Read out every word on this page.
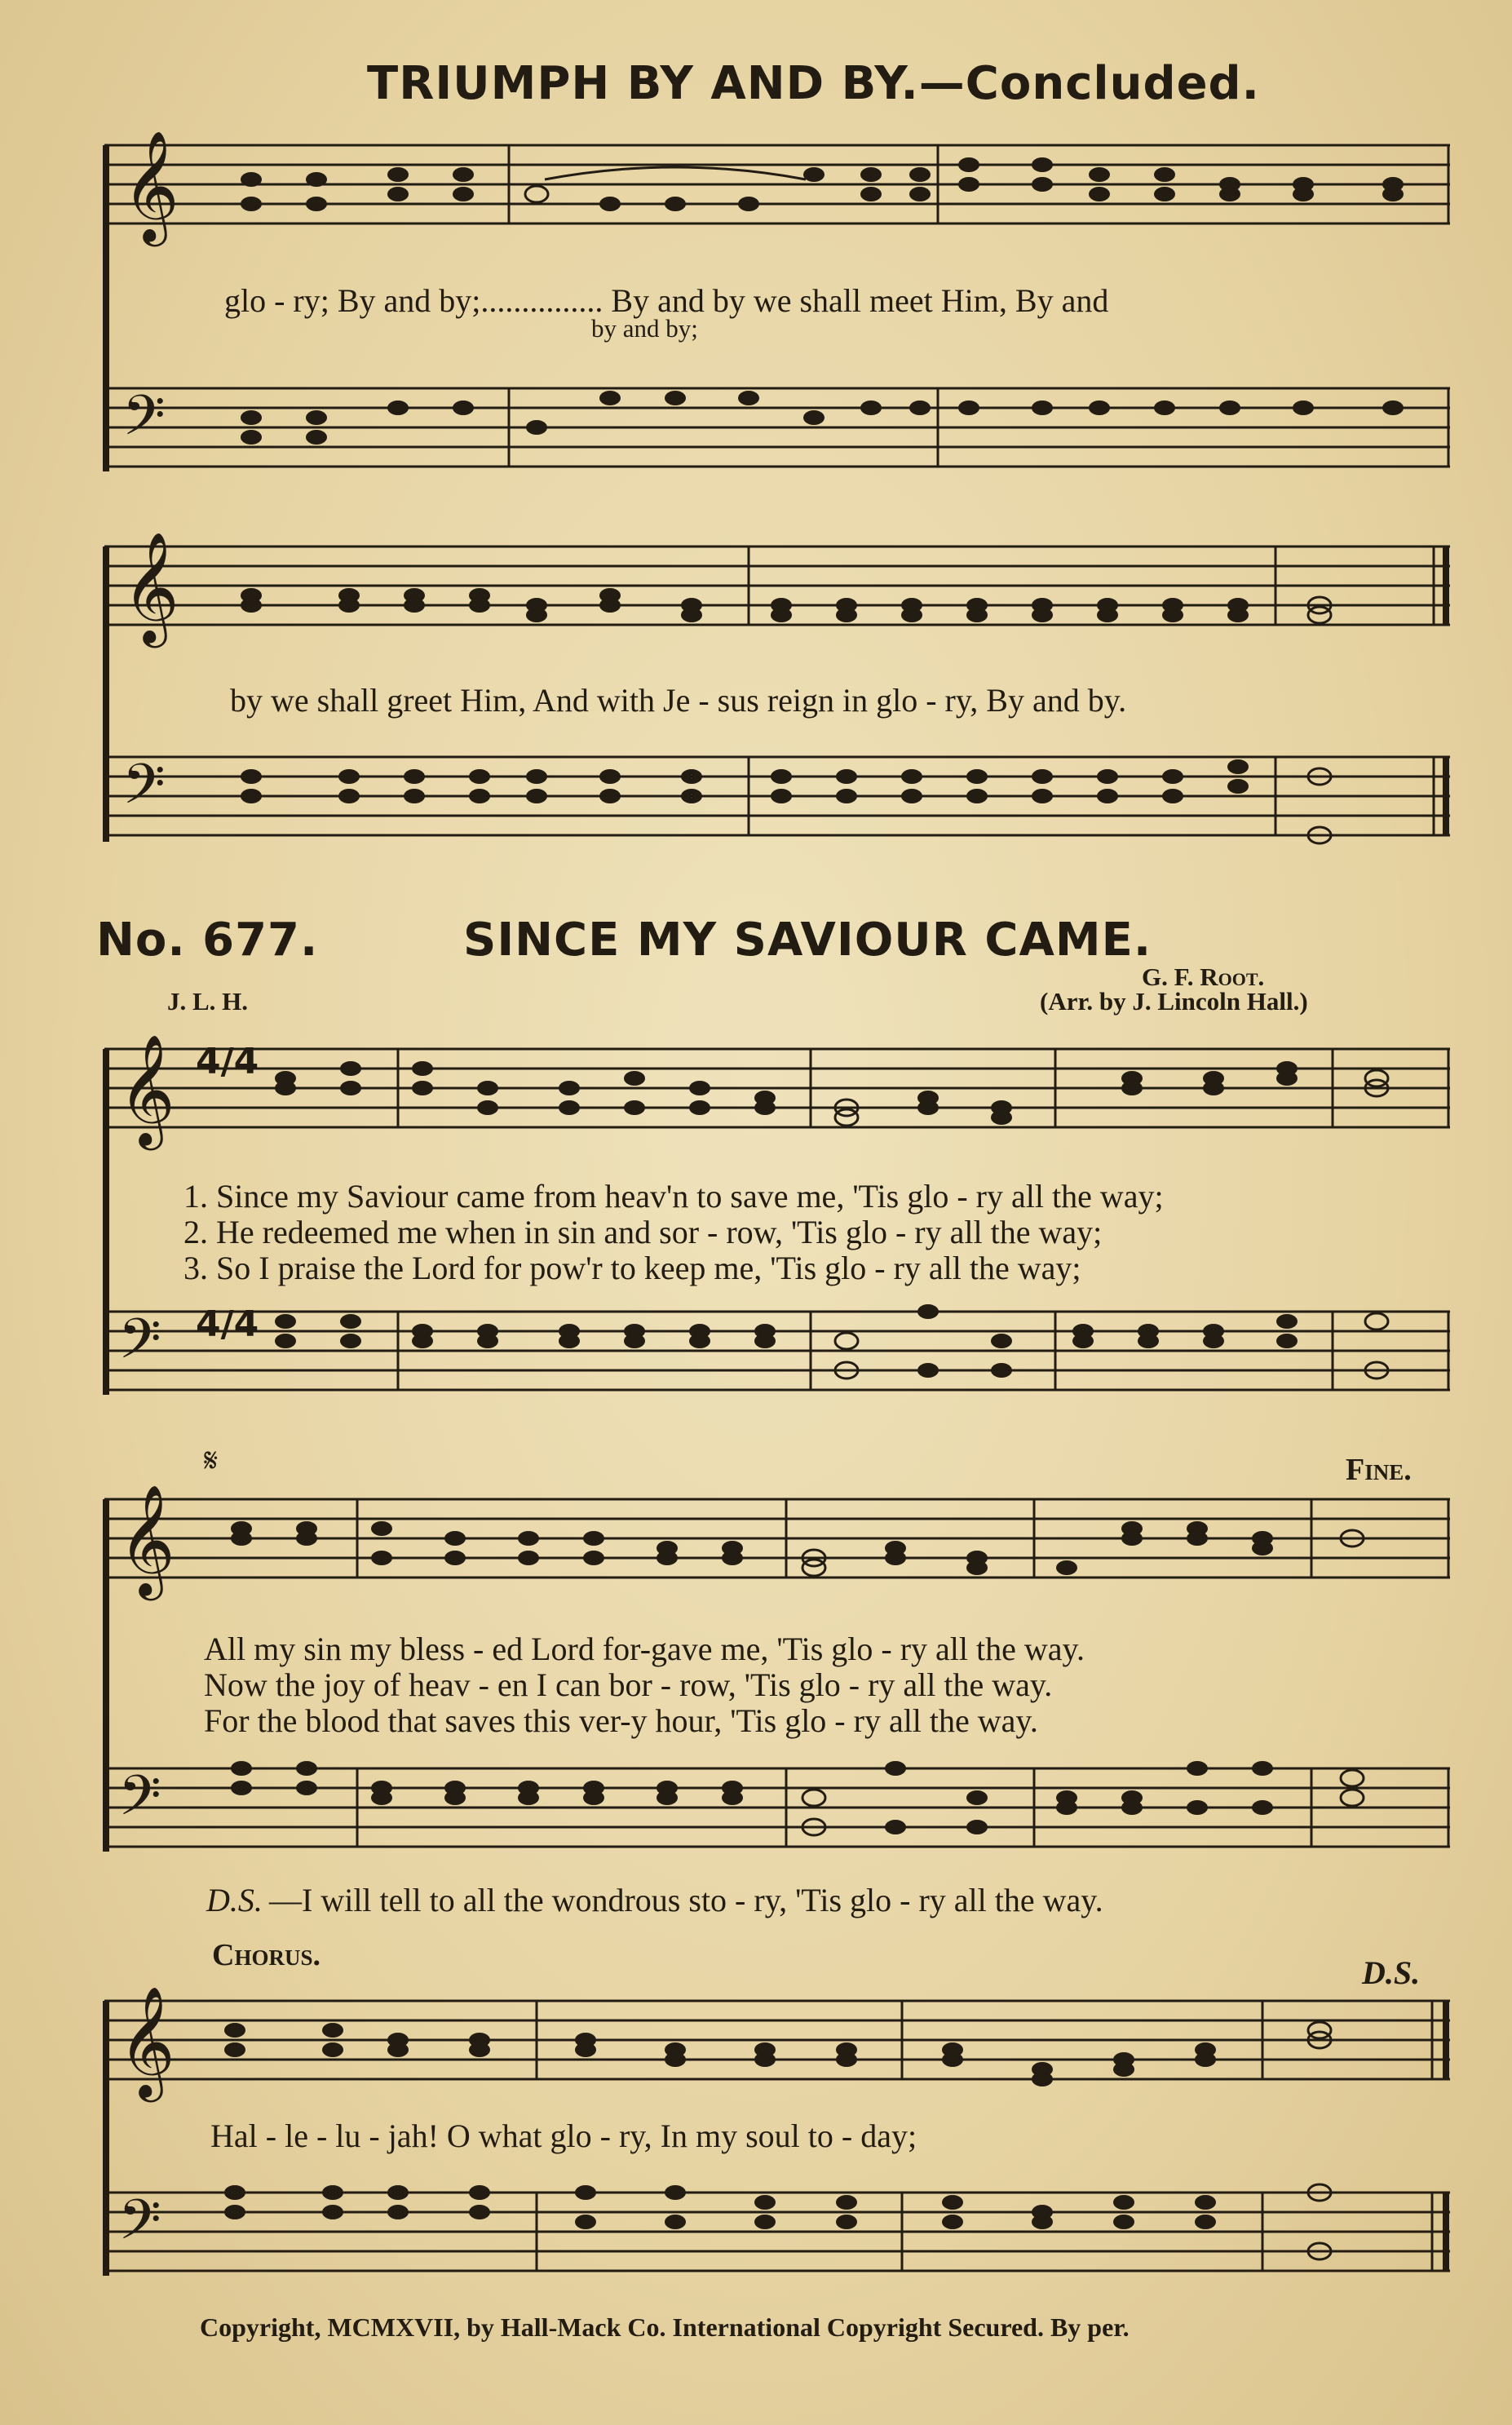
TRIUMPH BY AND BY.—Concluded.
𝄞
glo - ry; By and by;............... By and by we shall meet Him, By and
by and by;
𝄢
𝄞
by we shall greet Him, And with Je - sus reign in glo - ry, By and by.
𝄢
No. 677.	SINCE MY SAVIOUR CAME.
J. L. H.
G. F. Root.
(Arr. by J. Lincoln Hall.)
𝄞 4/4
1. Since my Saviour came from heav'n to save me, 'Tis glo - ry all the way;
2. He redeemed me when in sin and sor - row, 'Tis glo - ry all the way;
3. So I praise the Lord for pow'r to keep me, 'Tis glo - ry all the way;
𝄢 4/4
𝄋	Fine.
𝄞
All my sin my bless - ed Lord for-gave me, 'Tis glo - ry all the way.
Now the joy of heav - en I can bor - row, 'Tis glo - ry all the way.
For the blood that saves this ver-y hour, 'Tis glo - ry all the way.
𝄢
D.S. —I will tell to all the wondrous sto - ry, 'Tis glo - ry all the way.
Chorus.	D.S.
𝄞
Hal - le - lu - jah! O what glo - ry, In my soul to - day;
𝄢
Copyright, MCMXVII, by Hall-Mack Co. International Copyright Secured. By per.
